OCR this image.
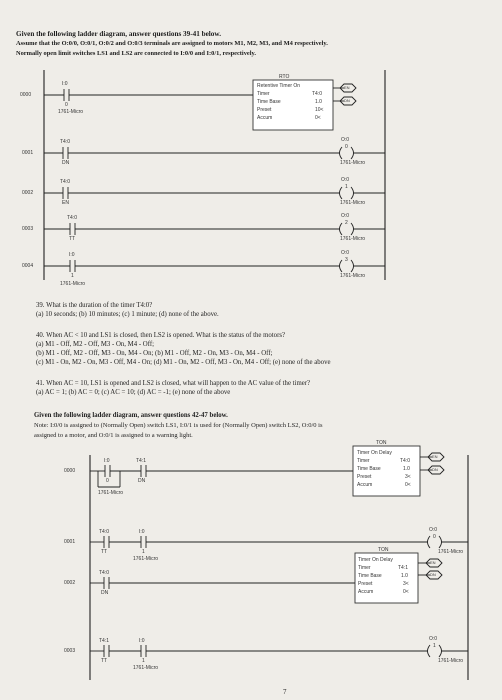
Given the following ladder diagram, answer questions 39-41 below.
Assume that the O:0/0, O:0/1, O:0/2 and O:0/3 terminals are assigned to motors M1, M2, M3, and M4 respectively.
Normally open limit switches LS1 and LS2 are connected to I:0/0 and I:0/1, respectively.
0000
0001
0002
0003
0004
I:0
0
1761-Micro
RTO
Retentive Timer On
Timer
Time Base
Preset
Accum
T4:0
1.0
10<
0<
EN
DN
T4:0
DN
T4:0
EN
T4:0
TT
I:0
1
1761-Micro
O:0
0
1761-Micro
O:0
1
1761-Micro
O:0
2
1761-Micro
O:0
3
1761-Micro
39. What is the duration of the timer T4:0?
(a) 10 seconds; (b) 10 minutes; (c) 1 minute; (d) none of the above.
40. When AC < 10 and LS1 is closed, then LS2 is opened. What is the status of the motors?
(a) M1 - Off, M2 - Off, M3 - On, M4 - Off;
(b) M1 - Off, M2 - Off, M3 - On, M4 - On; (b) M1 - Off, M2 - On, M3 - On, M4 - Off;
(c) M1 - On, M2 - On, M3 - Off, M4 - On; (d) M1 - On, M2 - Off, M3 - On, M4 - Off; (e) none of the above
41. When AC = 10, LS1 is opened and LS2 is closed, what will happen to the AC value of the timer?
(a) AC = 1; (b) AC = 0; (c) AC = 10; (d) AC = -1; (e) none of the above
Given the following ladder diagram, answer questions 42-47 below.
Note: I:0/0 is assigned to (Normally Open) switch LS1, I:0/1 is used for (Normally Open) switch LS2, O:0/0 is
assigned to a motor, and O:0/1 is assigned to a warning light.
0000
0001
0002
0003
I:0
0
1761-Micro
T4:1
DN
TON
Timer On Delay
Timer
Time Base
Preset
Accum
T4:0
1.0
3<
0<
EN
DN
T4:0
TT
I:0
1
1761-Micro
O:0
0
1761-Micro
T4:0
DN
TON
Timer On Delay
Timer
Time Base
Preset
Accum
T4:1
1.0
3<
0<
EN
DN
T4:1
TT
I:0
1
1761-Micro
O:0
1
1761-Micro
7
